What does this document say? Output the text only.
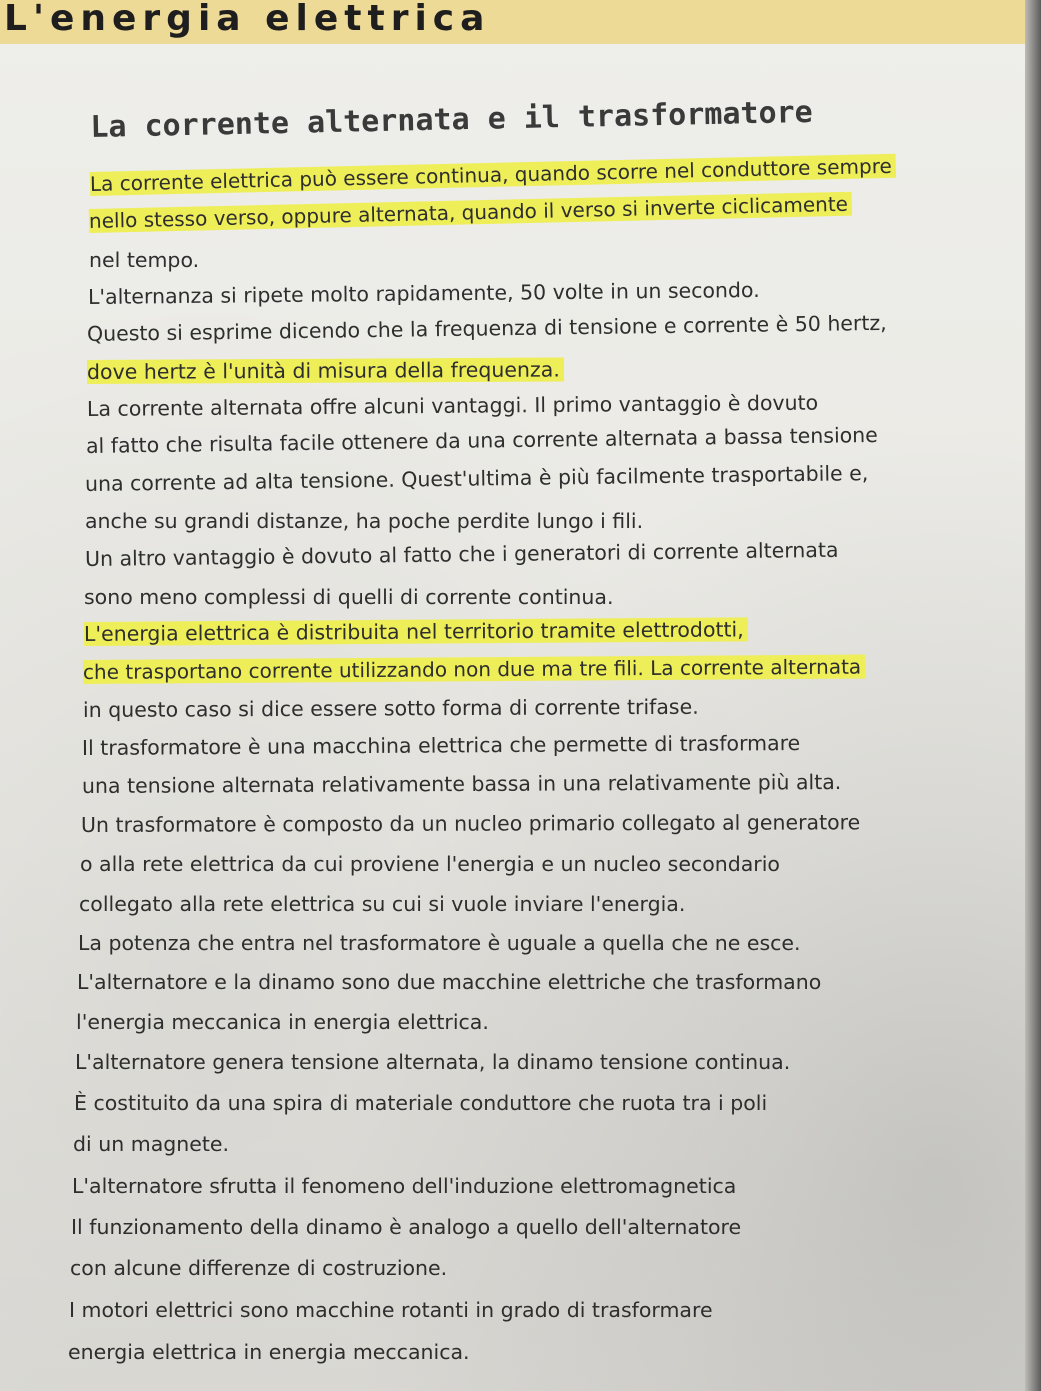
L'energia elettrica
La corrente alternata e il trasformatore
La corrente elettrica può essere continua, quando scorre nel conduttore sempre
nello stesso verso, oppure alternata, quando il verso si inverte ciclicamente
nel tempo.
L'alternanza si ripete molto rapidamente, 50 volte in un secondo.
Questo si esprime dicendo che la frequenza di tensione e corrente è 50 hertz,
dove hertz è l'unità di misura della frequenza.
La corrente alternata offre alcuni vantaggi. Il primo vantaggio è dovuto
al fatto che risulta facile ottenere da una corrente alternata a bassa tensione
una corrente ad alta tensione. Quest'ultima è più facilmente trasportabile e,
anche su grandi distanze, ha poche perdite lungo i fili.
Un altro vantaggio è dovuto al fatto che i generatori di corrente alternata
sono meno complessi di quelli di corrente continua.
L'energia elettrica è distribuita nel territorio tramite elettrodotti,
che trasportano corrente utilizzando non due ma tre fili. La corrente alternata
in questo caso si dice essere sotto forma di corrente trifase.
Il trasformatore è una macchina elettrica che permette di trasformare
una tensione alternata relativamente bassa in una relativamente più alta.
Un trasformatore è composto da un nucleo primario collegato al generatore
o alla rete elettrica da cui proviene l'energia e un nucleo secondario
collegato alla rete elettrica su cui si vuole inviare l'energia.
La potenza che entra nel trasformatore è uguale a quella che ne esce.
L'alternatore e la dinamo sono due macchine elettriche che trasformano
l'energia meccanica in energia elettrica.
L'alternatore genera tensione alternata, la dinamo tensione continua.
È costituito da una spira di materiale conduttore che ruota tra i poli
di un magnete.
L'alternatore sfrutta il fenomeno dell'induzione elettromagnetica
Il funzionamento della dinamo è analogo a quello dell'alternatore
con alcune differenze di costruzione.
I motori elettrici sono macchine rotanti in grado di trasformare
energia elettrica in energia meccanica.
